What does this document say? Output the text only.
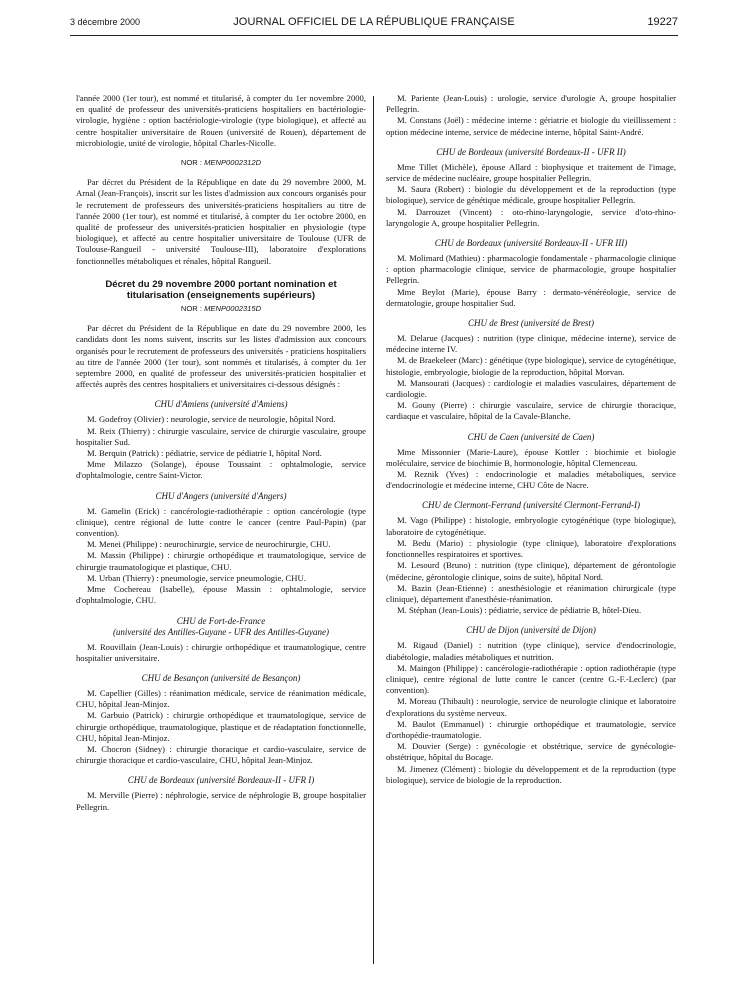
3 décembre 2000	JOURNAL OFFICIEL DE LA RÉPUBLIQUE FRANÇAISE	19227

l'année 2000 (1er tour), est nommé et titularisé, à compter du 1er novembre 2000, en qualité de professeur des universités-praticiens hospitaliers en bactériologie-virologie, hygiène : option bactériologie-virologie (type biologique), et affecté au centre hospitalier universitaire de Rouen (université de Rouen), département de microbiologie, unité de virologie, hôpital Charles-Nicolle.

NOR : MENP0002312D

Par décret du Président de la République en date du 29 novembre 2000, M. Arnal (Jean-François), inscrit sur les listes d'admission aux concours organisés pour le recrutement de professeurs des universités-praticiens hospitaliers au titre de l'année 2000 (1er tour), est nommé et titularisé, à compter du 1er octobre 2000, en qualité de professeur des universités-praticien hospitalier en physiologie (type biologique), et affecté au centre hospitalier universitaire de Toulouse (UFR de Toulouse-Rangueil - université Toulouse-III), laboratoire d'explorations fonctionnelles métaboliques et rénales, hôpital Rangueil.

Décret du 29 novembre 2000 portant nomination et titularisation (enseignements supérieurs)
NOR : MENP0002315D

Par décret du Président de la République en date du 29 novembre 2000, les candidats dont les noms suivent, inscrits sur les listes d'admission aux concours organisés pour le recrutement de professeurs des universités - praticiens hospitaliers au titre de l'année 2000 (1er tour), sont nommés et titularisés, à compter du 1er septembre 2000, en qualité de professeur des universités-praticien hospitalier et affectés auprès des centres hospitaliers et universitaires ci-dessous désignés :

CHU d'Amiens (université d'Amiens)

M. Godefroy (Olivier) : neurologie, service de neurologie, hôpital Nord.

M. Reix (Thierry) : chirurgie vasculaire, service de chirurgie vasculaire, groupe hospitalier Sud.

M. Berquin (Patrick) : pédiatrie, service de pédiatrie I, hôpital Nord.

Mme Milazzo (Solange), épouse Toussaint : ophtalmologie, service d'ophtalmologie, centre Saint-Victor.

CHU d'Angers (université d'Angers)

M. Gamelin (Erick) : cancérologie-radiothérapie : option cancérologie (type clinique), centre régional de lutte contre le cancer (centre Paul-Papin) (par convention).

M. Menei (Philippe) : neurochirurgie, service de neurochirurgie, CHU.

M. Massin (Philippe) : chirurgie orthopédique et traumatologique, service de chirurgie traumatologique et plastique, CHU.

M. Urban (Thierry) : pneumologie, service pneumologie, CHU.

Mme Cochereau (Isabelle), épouse Massin : ophtalmologie, service d'ophtalmologie, CHU.

CHU de Fort-de-France
(université des Antilles-Guyane - UFR des Antilles-Guyane)

M. Rouvillain (Jean-Louis) : chirurgie orthopédique et traumatologique, centre hospitalier universitaire.

CHU de Besançon (université de Besançon)

M. Capellier (Gilles) : réanimation médicale, service de réanimation médicale, CHU, hôpital Jean-Minjoz.

M. Garbuio (Patrick) : chirurgie orthopédique et traumatologique, service de chirurgie orthopédique, traumatologique, plastique et de réadaptation fonctionnelle, CHU, hôpital Jean-Minjoz.

M. Chocron (Sidney) : chirurgie thoracique et cardio-vasculaire, service de chirurgie thoracique et cardio-vasculaire, CHU, hôpital Jean-Minjoz.

CHU de Bordeaux (université Bordeaux-II - UFR I)

M. Merville (Pierre) : néphrologie, service de néphrologie B, groupe hospitalier Pellegrin.

M. Pariente (Jean-Louis) : urologie, service d'urologie A, groupe hospitalier Pellegrin.

M. Constans (Joël) : médecine interne : gériatrie et biologie du vieillissement : option médecine interne, service de médecine interne, hôpital Saint-André.

CHU de Bordeaux (université Bordeaux-II - UFR II)

Mme Tillet (Michèle), épouse Allard : biophysique et traitement de l'image, service de médecine nucléaire, groupe hospitalier Pellegrin.

M. Saura (Robert) : biologie du développement et de la reproduction (type biologique), service de génétique médicale, groupe hospitalier Pellegrin.

M. Darrouzet (Vincent) : oto-rhino-laryngologie, service d'oto-rhino-laryngologie A, groupe hospitalier Pellegrin.

CHU de Bordeaux (université Bordeaux-II - UFR III)

M. Molimard (Mathieu) : pharmacologie fondamentale - pharmacologie clinique : option pharmacologie clinique, service de pharmacologie, groupe hospitalier Pellegrin.

Mme Beylot (Marie), épouse Barry : dermato-vénéréologie, service de dermatologie, groupe hospitalier Sud.

CHU de Brest (université de Brest)

M. Delarue (Jacques) : nutrition (type clinique, médecine interne), service de médecine interne IV.

M. de Braekeleer (Marc) : génétique (type biologique), service de cytogénétique, histologie, embryologie, biologie de la reproduction, hôpital Morvan.

M. Mansourati (Jacques) : cardiologie et maladies vasculaires, département de cardiologie.

M. Gouny (Pierre) : chirurgie vasculaire, service de chirurgie thoracique, cardiaque et vasculaire, hôpital de la Cavale-Blanche.

CHU de Caen (université de Caen)

Mme Missonnier (Marie-Laure), épouse Kottler : biochimie et biologie moléculaire, service de biochimie B, hormonologie, hôpital Clemenceau.

M. Reznik (Yves) : endocrinologie et maladies métaboliques, service d'endocrinologie et médecine interne, CHU Côte de Nacre.

CHU de Clermont-Ferrand (université Clermont-Ferrand-I)

M. Vago (Philippe) : histologie, embryologie cytogénétique (type biologique), laboratoire de cytogénétique.

M. Bedu (Mario) : physiologie (type clinique), laboratoire d'explorations fonctionnelles respiratoires et sportives.

M. Lesourd (Bruno) : nutrition (type clinique), département de gérontologie (médecine, gérontologie clinique, soins de suite), hôpital Nord.

M. Bazin (Jean-Etienne) : anesthésiologie et réanimation chirurgicale (type clinique), département d'anesthésie-réanimation.

M. Stéphan (Jean-Louis) : pédiatrie, service de pédiatrie B, hôtel-Dieu.

CHU de Dijon (université de Dijon)

M. Rigaud (Daniel) : nutrition (type clinique), service d'endocrinologie, diabétologie, maladies métaboliques et nutrition.

M. Maingon (Philippe) : cancérologie-radiothérapie : option radiothérapie (type clinique), centre régional de lutte contre le cancer (centre G.-F.-Leclerc) (par convention).

M. Moreau (Thibault) : neurologie, service de neurologie clinique et laboratoire d'explorations du système nerveux.

M. Baulot (Emmanuel) : chirurgie orthopédique et traumatologie, service d'orthopédie-traumatologie.

M. Douvier (Serge) : gynécologie et obstétrique, service de gynécologie-obstétrique, hôpital du Bocage.

M. Jimenez (Clément) : biologie du développement et de la reproduction (type biologique), service de biologie de la reproduction.
